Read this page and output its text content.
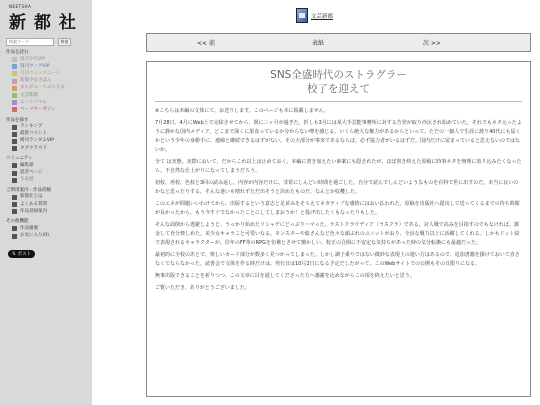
NEETSHA
新 都 社
検索ワード
検索
作品を読む
週刊少年VIP
週刊ヤングVIP
月刊コミックニート
新都少女さばん
まんがニートぷらちな
文芸新都
ニートノベル
ペーマオーガジン
作品を探す
ランキング
最新コメント
梢刊ランダムVIP
タグクラウド
コミュニティ
編集部
読者ページ
うろだ
ご利用案内・作品投稿
新都社とは
よくある質問
作品登録案内
その他機能
作品履歴
お気に入り(0)
𝕏 ポスト
文芸新都
<< 前	表紙	次 >>
SNS全盛時代のストラグラー
校了を迎えて

※こちらは本編の文体にて、お送りします。このページも本に掲載しません。

7月28日。4月にWeb上で完結させてから、既に三ヶ月が過ぎた。折しも3月には某大手芸能事務所に対する告発が取り沙汰され始めていた。それでもネタ元ったように静かな国内メディア、どこまで深くに果食っているか分からない噂を感じる。いくら絶大な権力があるからといって、ただの一個人で生涯に渡り40代にも届くかという少年の身勝手に、連綿と継続できるはずがない。その大部分が事実であるならば、必ず協力者がいるはずだ。国内だけに留まっていると思えないのではないか。

全て は実態。実際において、だからこれ以上は止めておく。本編に書き加えたい素案にも隠されたが、ほぼ書き終えた原稿に時事ネタを無理に放り込みたくなったら、不自然な仕上がりになってしまうだろう。

初校、再校、色校と3回の読み返し。内容が内容だけに、非常にしんどい時間を過ごした。自分で読んでしんどいようなものを有料で世に出すのだ。本当に良いのかなと思ったりする。そんな迷いも晴れずただ出そうと決めたものだ、なんとか収穫した。

このエネが問題いいわけてから、出版するという意志と足並みをそろえてネガティブな感情にはおい払われた。原稿を出版社へ提出して送ってくるまでの待ち時間が長かったから、もう今すぐでなかったことにしてしまおうか！と投げ出したくもなったりもした。

そんな面倒から逃避しようと、うっかり始めたソシャゲにどっぷりハマった。ラストクラウディア（ラスクラ）である。対人戦で高みを目指すのでもなければ、課金して充分楽しめた。美少女キャラこと可愛いなる。モンスターや総さんなど色々な顔ぶれのユニットがおり、全員な戦力以上に活躍してくれる。しかもドット絵で表現されるキャラクターが、往年のFF等のRPGを彷彿とさせて懐かしい。校正の合間に不安定な気持ちがあった時の気分転換にも最適だった。

最初的に全校のあとで、楽しいカード部分が数多く見つかってしまった。しかし調子乗りではない微妙な表現上の遣い方はあるので、追加書籍を掛けておいて直さなくてならなかった。読書会で文体を作る時だけは、発行日は10月2日になる予定だしたがって、このWebサイトでの公開もその日限りになる。

無事出版できることを祈りつつ、この文章に目を通してくださった方へ感謝を込めながらこの項を終えたいと思う。

ご覧いただき、ありがとうございました。
